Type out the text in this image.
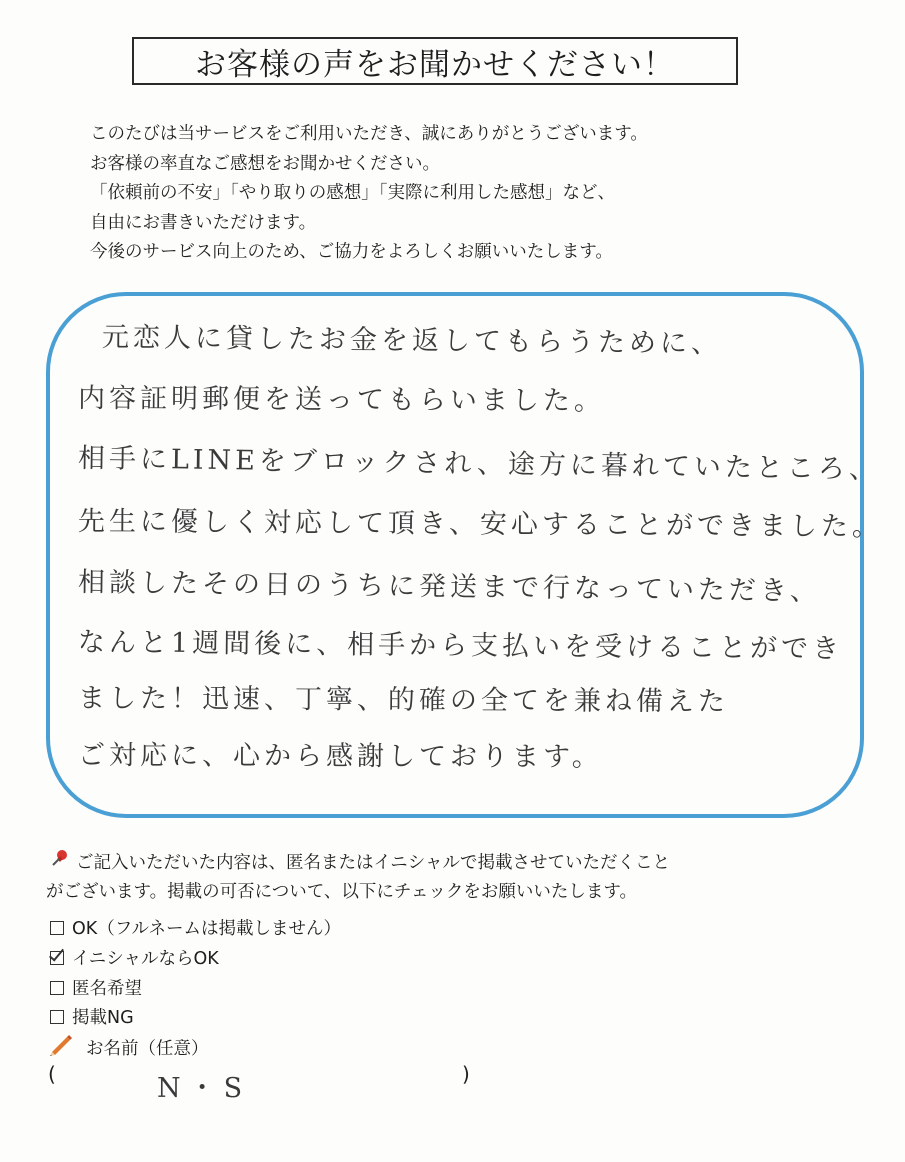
お客様の声をお聞かせください！
このたびは当サービスをご利用いただき、誠にありがとうございます。
お客様の率直なご感想をお聞かせください。
「依頼前の不安」「やり取りの感想」「実際に利用した感想」など、
自由にお書きいただけます。
今後のサービス向上のため、ご協力をよろしくお願いいたします。
元恋人に貸したお金を返してもらうために、
内容証明郵便を送ってもらいました。
相手にLINEをブロックされ、途方に暮れていたところ、
先生に優しく対応して頂き、安心することができました。
相談したその日のうちに発送まで行なっていただき、
なんと1週間後に、相手から支払いを受けることができ
ました！迅速、丁寧、的確の全てを兼ね備えた
ご対応に、心から感謝しております。
ご記入いただいた内容は、匿名またはイニシャルで掲載させていただくこと
がございます。掲載の可否について、以下にチェックをお願いいたします。
OK（フルネームは掲載しません）
イニシャルならOK
匿名希望
掲載NG
お名前（任意）
(	N・S	)
